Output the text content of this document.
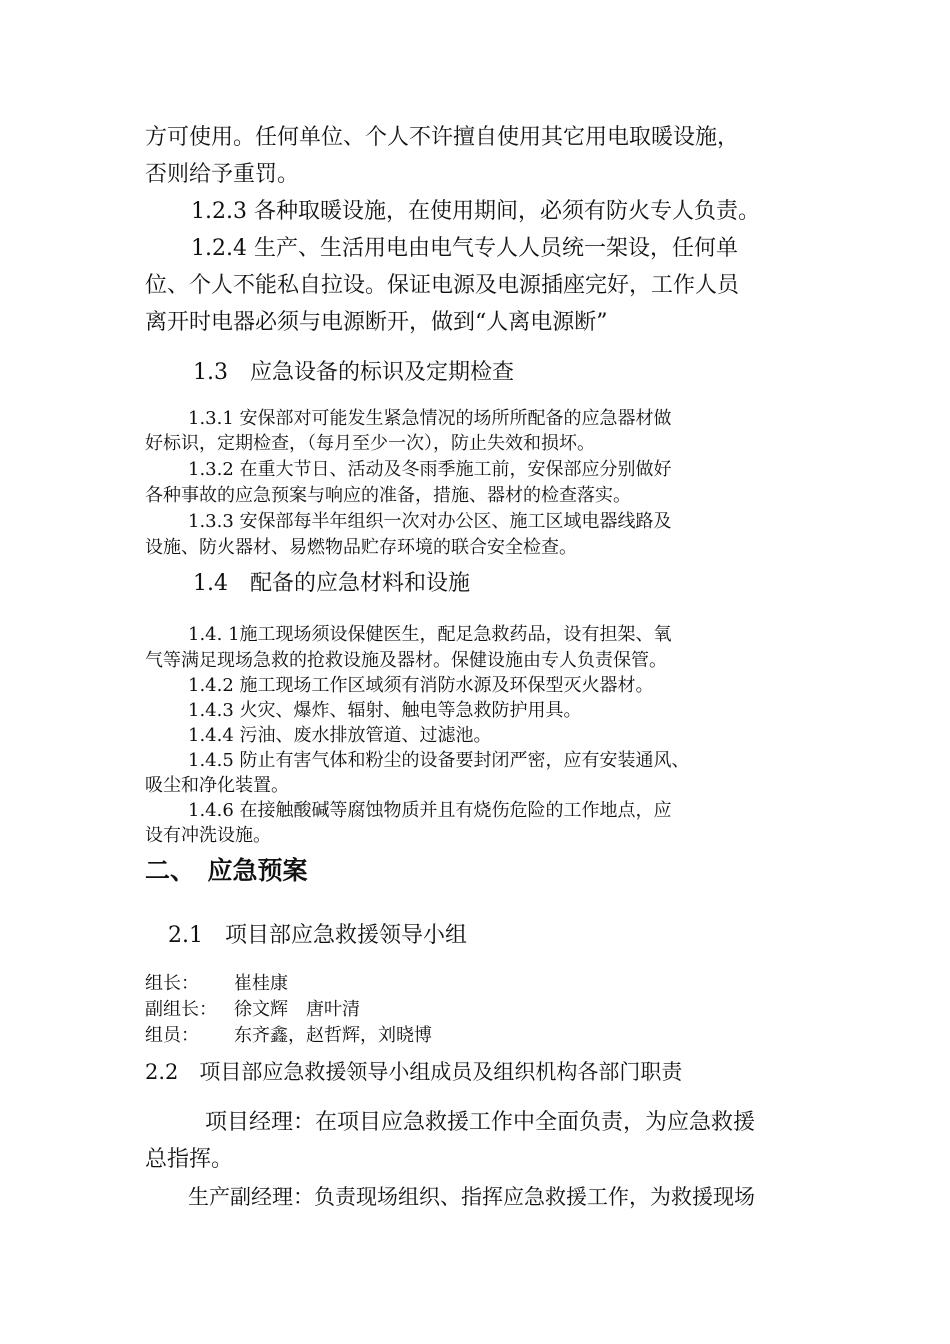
方可使用。任何单位、个人不许擅自使用其它用电取暖设施，

否则给予重罚。

1.2.3 各种取暖设施，在使用期间，必须有防火专人负责。

1.2.4 生产、生活用电由电气专人人员统一架设，任何单

位、个人不能私自拉设。保证电源及电源插座完好，工作人员

离开时电器必须与电源断开，做到“人离电源断”

1.3　应急设备的标识及定期检查

1.3.1 安保部对可能发生紧急情况的场所所配备的应急器材做

好标识，定期检查，（每月至少一次），防止失效和损坏。

1.3.2 在重大节日、活动及冬雨季施工前，安保部应分别做好

各种事故的应急预案与响应的准备，措施、器材的检查落实。

1.3.3 安保部每半年组织一次对办公区、施工区域电器线路及

设施、防火器材、易燃物品贮存环境的联合安全检查。

1.4　配备的应急材料和设施

1.4. 1施工现场须设保健医生，配足急救药品，设有担架、氧

气等满足现场急救的抢救设施及器材。保健设施由专人负责保管。

1.4.2 施工现场工作区域须有消防水源及环保型灭火器材。

1.4.3 火灾、爆炸、辐射、触电等急救防护用具。

1.4.4 污油、废水排放管道、过滤池。

1.4.5 防止有害气体和粉尘的设备要封闭严密，应有安装通风、

吸尘和净化装置。

1.4.6 在接触酸碱等腐蚀物质并且有烧伤危险的工作地点，应

设有冲洗设施。

二、　应急预案

2.1　项目部应急救援领导小组

组长： 崔桂康

副组长： 徐文辉　唐叶清

组员： 东齐鑫，赵哲辉，刘晓博

2.2　项目部应急救援领导小组成员及组织机构各部门职责

项目经理：在项目应急救援工作中全面负责，为应急救援

总指挥。

生产副经理：负责现场组织、指挥应急救援工作，为救援现场
